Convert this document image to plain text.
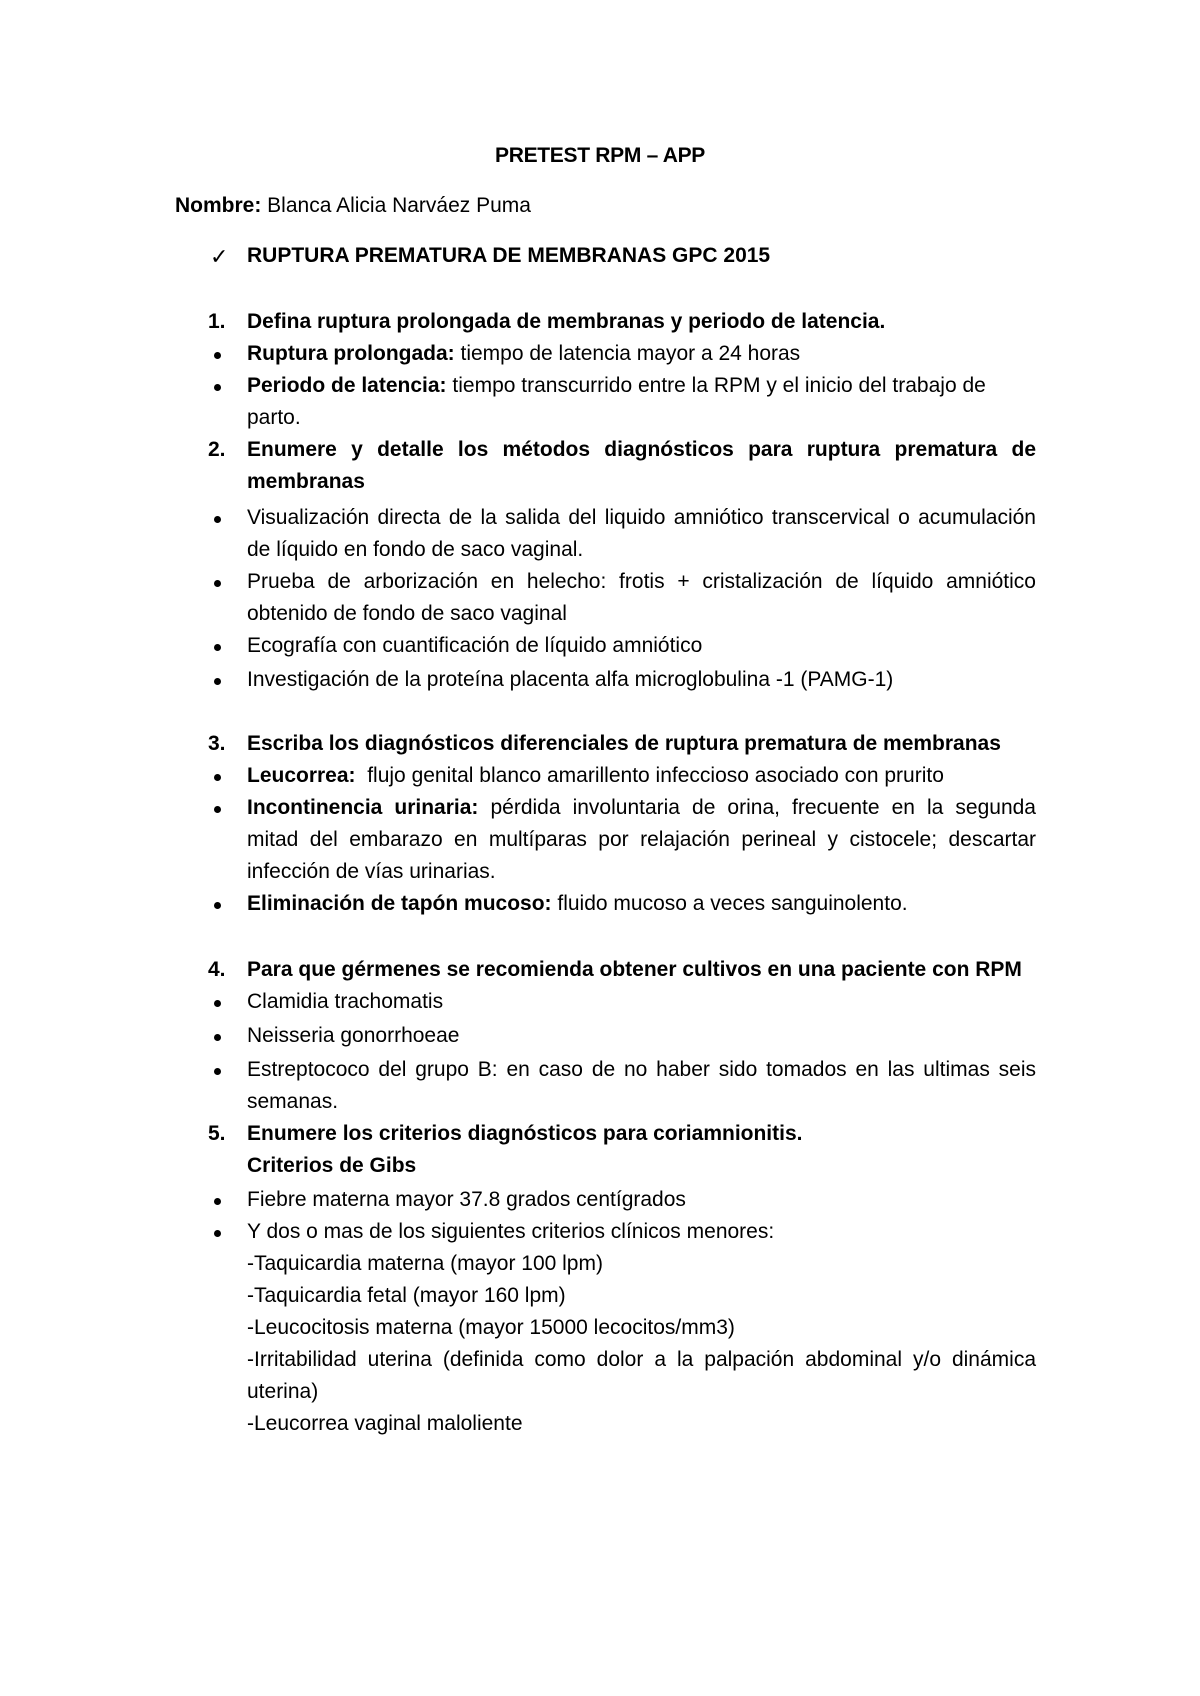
PRETEST RPM – APP
Nombre: Blanca Alicia Narváez Puma
✓ RUPTURA PREMATURA DE MEMBRANAS GPC 2015
1. Defina ruptura prolongada de membranas y periodo de latencia.
Ruptura prolongada: tiempo de latencia mayor a 24 horas
Periodo de latencia: tiempo transcurrido entre la RPM y el inicio del trabajo de
parto.
2. Enumere y detalle los métodos diagnósticos para ruptura prematura de
membranas
Visualización directa de la salida del liquido amniótico transcervical o acumulación
de líquido en fondo de saco vaginal.
Prueba de arborización en helecho: frotis + cristalización de líquido amniótico
obtenido de fondo de saco vaginal
Ecografía con cuantificación de líquido amniótico
Investigación de la proteína placenta alfa microglobulina -1 (PAMG-1)
3. Escriba los diagnósticos diferenciales de ruptura prematura de membranas
Leucorrea:  flujo genital blanco amarillento infeccioso asociado con prurito
Incontinencia urinaria: pérdida involuntaria de orina, frecuente en la segunda
mitad del embarazo en multíparas por relajación perineal y cistocele; descartar
infección de vías urinarias.
Eliminación de tapón mucoso: fluido mucoso a veces sanguinolento.
4. Para que gérmenes se recomienda obtener cultivos en una paciente con RPM
Clamidia trachomatis
Neisseria gonorrhoeae
Estreptococo del grupo B: en caso de no haber sido tomados en las ultimas seis
semanas.
5. Enumere los criterios diagnósticos para coriamnionitis.
Criterios de Gibs
Fiebre materna mayor 37.8 grados centígrados
Y dos o mas de los siguientes criterios clínicos menores:
-Taquicardia materna (mayor 100 lpm)
-Taquicardia fetal (mayor 160 lpm)
-Leucocitosis materna (mayor 15000 lecocitos/mm3)
-Irritabilidad uterina (definida como dolor a la palpación abdominal y/o dinámica
uterina)
-Leucorrea vaginal maloliente
